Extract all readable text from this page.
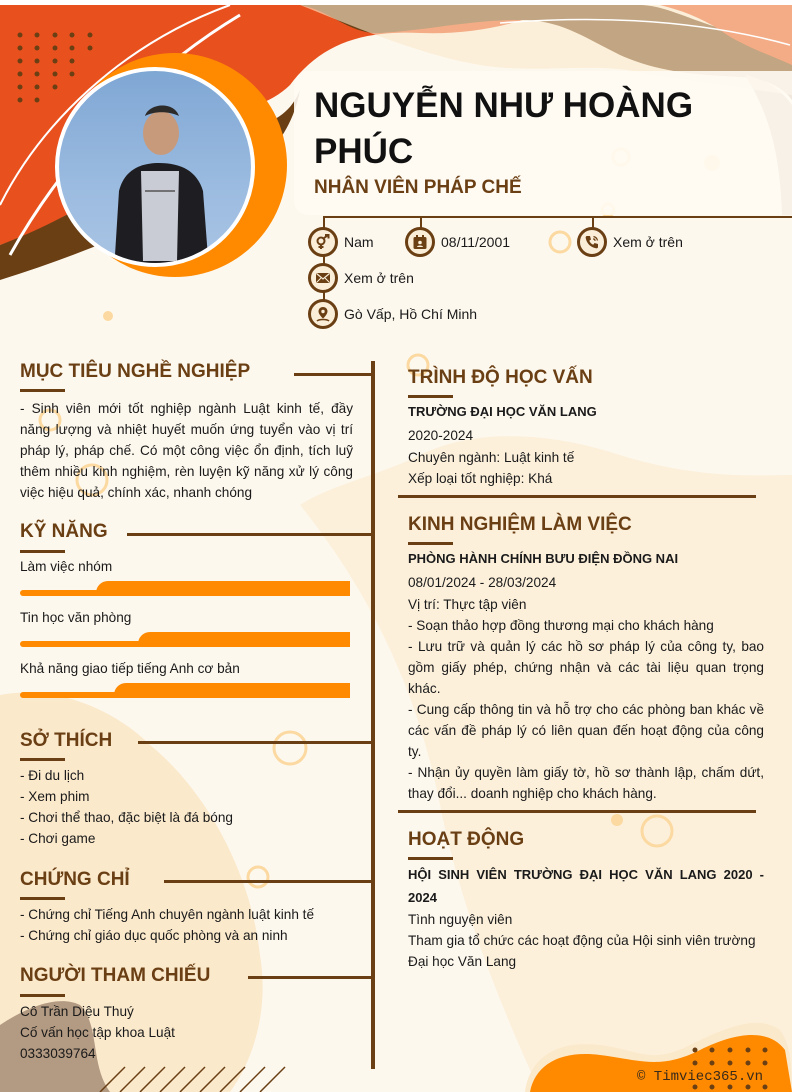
NGUYỄN NHƯ HOÀNG PHÚC
NHÂN VIÊN PHÁP CHẾ
Nam	08/11/2001	Xem ở trên
Xem ở trên
Gò Vấp, Hồ Chí Minh
MỤC TIÊU NGHỀ NGHIỆP
- Sinh viên mới tốt nghiệp ngành Luật kinh tế, đầy năng lượng và nhiệt huyết muốn ứng tuyển vào vị trí pháp lý, pháp chế. Có một công việc ổn định, tích luỹ thêm nhiều kinh nghiệm, rèn luyện kỹ năng xử lý công việc hiệu quả, chính xác, nhanh chóng
KỸ NĂNG
Làm việc nhóm
Tin học văn phòng
Khả năng giao tiếp tiếng Anh cơ bản
SỞ THÍCH
- Đi du lịch
- Xem phim
- Chơi thể thao, đặc biệt là đá bóng
- Chơi game
CHỨNG CHỈ
- Chứng chỉ Tiếng Anh chuyên ngành luật kinh tế
- Chứng chỉ giáo dục quốc phòng và an ninh
NGƯỜI THAM CHIẾU
Cô Trần Diệu Thuý
Cố vấn học tập khoa Luật
0333039764
TRÌNH ĐỘ HỌC VẤN
TRƯỜNG ĐẠI HỌC VĂN LANG
2020-2024
Chuyên ngành: Luật kinh tế
Xếp loại tốt nghiệp: Khá
KINH NGHIỆM LÀM VIỆC
PHÒNG HÀNH CHÍNH BƯU ĐIỆN ĐỒNG NAI
08/01/2024 - 28/03/2024
Vị trí: Thực tập viên
- Soạn thảo hợp đồng thương mại cho khách hàng
- Lưu trữ và quản lý các hồ sơ pháp lý của công ty, bao gồm giấy phép, chứng nhận và các tài liệu quan trọng khác.
- Cung cấp thông tin và hỗ trợ cho các phòng ban khác về các vấn đề pháp lý có liên quan đến hoạt động của công ty.
- Nhận ủy quyền làm giấy tờ, hồ sơ thành lập, chấm dứt, thay đổi... doanh nghiệp cho khách hàng.
HOẠT ĐỘNG
HỘI SINH VIÊN TRƯỜNG ĐẠI HỌC VĂN LANG 2020 - 2024
Tình nguyện viên
Tham gia tổ chức các hoạt động của Hội sinh viên trường Đại học Văn Lang
© Timviec365.vn
